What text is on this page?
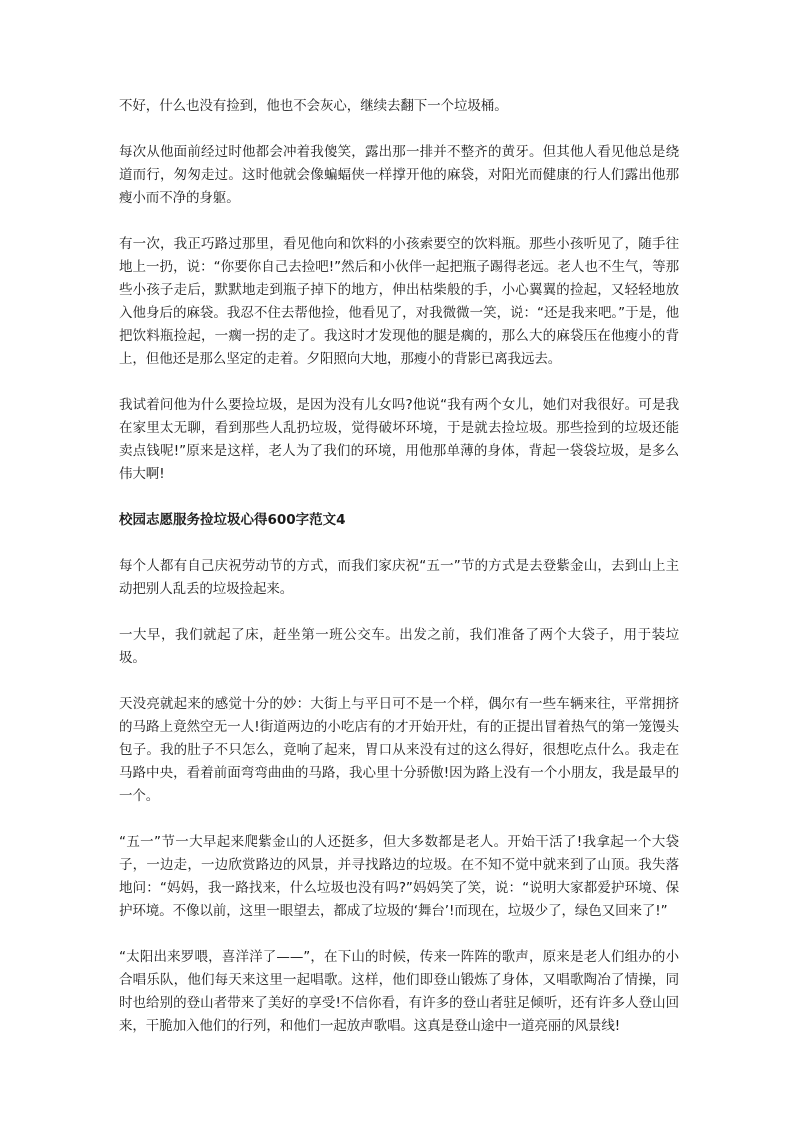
不好，什么也没有捡到，他也不会灰心，继续去翻下一个垃圾桶。

每次从他面前经过时他都会冲着我傻笑，露出那一排并不整齐的黄牙。但其他人看见他总是绕道而行，匆匆走过。这时他就会像蝙蝠侠一样撑开他的麻袋，对阳光而健康的行人们露出他那瘦小而不净的身躯。

有一次，我正巧路过那里，看见他向和饮料的小孩索要空的饮料瓶。那些小孩听见了，随手往地上一扔，说：“你要你自己去捡吧!”然后和小伙伴一起把瓶子踢得老远。老人也不生气，等那些小孩子走后，默默地走到瓶子掉下的地方，伸出枯柴般的手，小心翼翼的捡起，又轻轻地放入他身后的麻袋。我忍不住去帮他捡，他看见了，对我微微一笑，说：“还是我来吧。”于是，他把饮料瓶捡起，一瘸一拐的走了。我这时才发现他的腿是瘸的，那么大的麻袋压在他瘦小的背上，但他还是那么坚定的走着。夕阳照向大地，那瘦小的背影已离我远去。

我试着问他为什么要捡垃圾，是因为没有儿女吗?他说“我有两个女儿，她们对我很好。可是我在家里太无聊，看到那些人乱扔垃圾，觉得破坏环境，于是就去捡垃圾。那些捡到的垃圾还能卖点钱呢!”原来是这样，老人为了我们的环境，用他那单薄的身体，背起一袋袋垃圾，是多么伟大啊!

校园志愿服务捡垃圾心得600字范文4

每个人都有自己庆祝劳动节的方式，而我们家庆祝“五一”节的方式是去登紫金山，去到山上主动把别人乱丢的垃圾捡起来。

一大早，我们就起了床，赶坐第一班公交车。出发之前，我们准备了两个大袋子，用于装垃圾。

天没亮就起来的感觉十分的妙：大街上与平日可不是一个样，偶尔有一些车辆来往，平常拥挤的马路上竟然空无一人!街道两边的小吃店有的才开始开灶，有的正提出冒着热气的第一笼馒头包子。我的肚子不只怎么，竟响了起来，胃口从来没有过的这么得好，很想吃点什么。我走在马路中央，看着前面弯弯曲曲的马路，我心里十分骄傲!因为路上没有一个小朋友，我是最早的一个。

“五一”节一大早起来爬紫金山的人还挺多，但大多数都是老人。开始干活了!我拿起一个大袋子，一边走，一边欣赏路边的风景，并寻找路边的垃圾。在不知不觉中就来到了山顶。我失落地问：“妈妈，我一路找来，什么垃圾也没有吗?”妈妈笑了笑，说：“说明大家都爱护环境、保护环境。不像以前，这里一眼望去，都成了垃圾的‘舞台’!而现在，垃圾少了，绿色又回来了!”

“太阳出来罗喂，喜洋洋了——”，在下山的时候，传来一阵阵的歌声，原来是老人们组办的小合唱乐队，他们每天来这里一起唱歌。这样，他们即登山锻炼了身体，又唱歌陶冶了情操，同时也给别的登山者带来了美好的享受!不信你看，有许多的登山者驻足倾听，还有许多人登山回来，干脆加入他们的行列，和他们一起放声歌唱。这真是登山途中一道亮丽的风景线!
